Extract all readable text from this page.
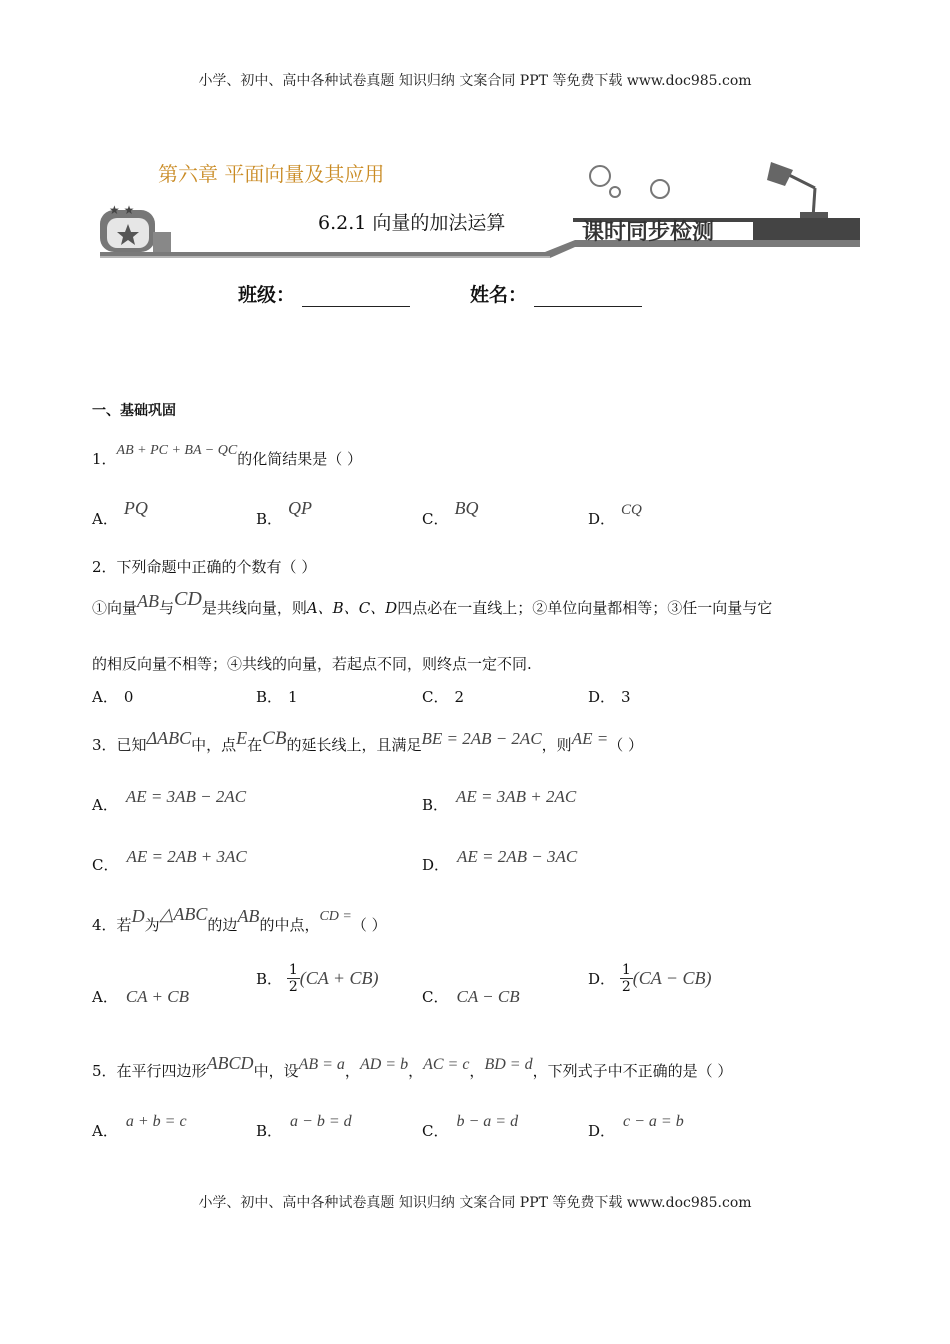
小学、初中、高中各种试卷真题 知识归纳 文案合同 PPT 等免费下载 www.doc985.com
★ ★
第六章 平面向量及其应用
6.2.1 向量的加法运算	课时同步检测
班级：	姓名：
一、基础巩固
1．AB + PC + BA − QC的化简结果是（ ）
A．PQ
B．QP
C．BQ
D． CQ
2．下列命题中正确的个数有（ ）
①向量AB与CD是共线向量，则A、B、C、D四点必在一直线上；②单位向量都相等；③任一向量与它
的相反向量不相等；④共线的向量，若起点不同，则终点一定不同.
A． 0	B． 1	C． 2	D． 3
3．已知ΔABC中，点E在CB的延长线上，且满足BE = 2AB − 2AC，则AE =（ ）
A． AE = 3AB − 2AC	B． AE = 3AB + 2AC
C． AE = 2AB + 3AC	D． AE = 2AB − 3AC
4．若D为△ABC的边AB的中点，CD =（ ）
A． CA + CB
B． $\frac{1}{2}(CA + CB)$
C． CA − CB
D． $\frac{1}{2}(CA - CB)$
5．在平行四边形ABCD中，设AB = a，AD = b，AC = c，BD = d，下列式子中不正确的是（ ）
A．a + b = c
B．a − b = d
C．b − a = d
D．c − a = b
小学、初中、高中各种试卷真题 知识归纳 文案合同 PPT 等免费下载 www.doc985.com
